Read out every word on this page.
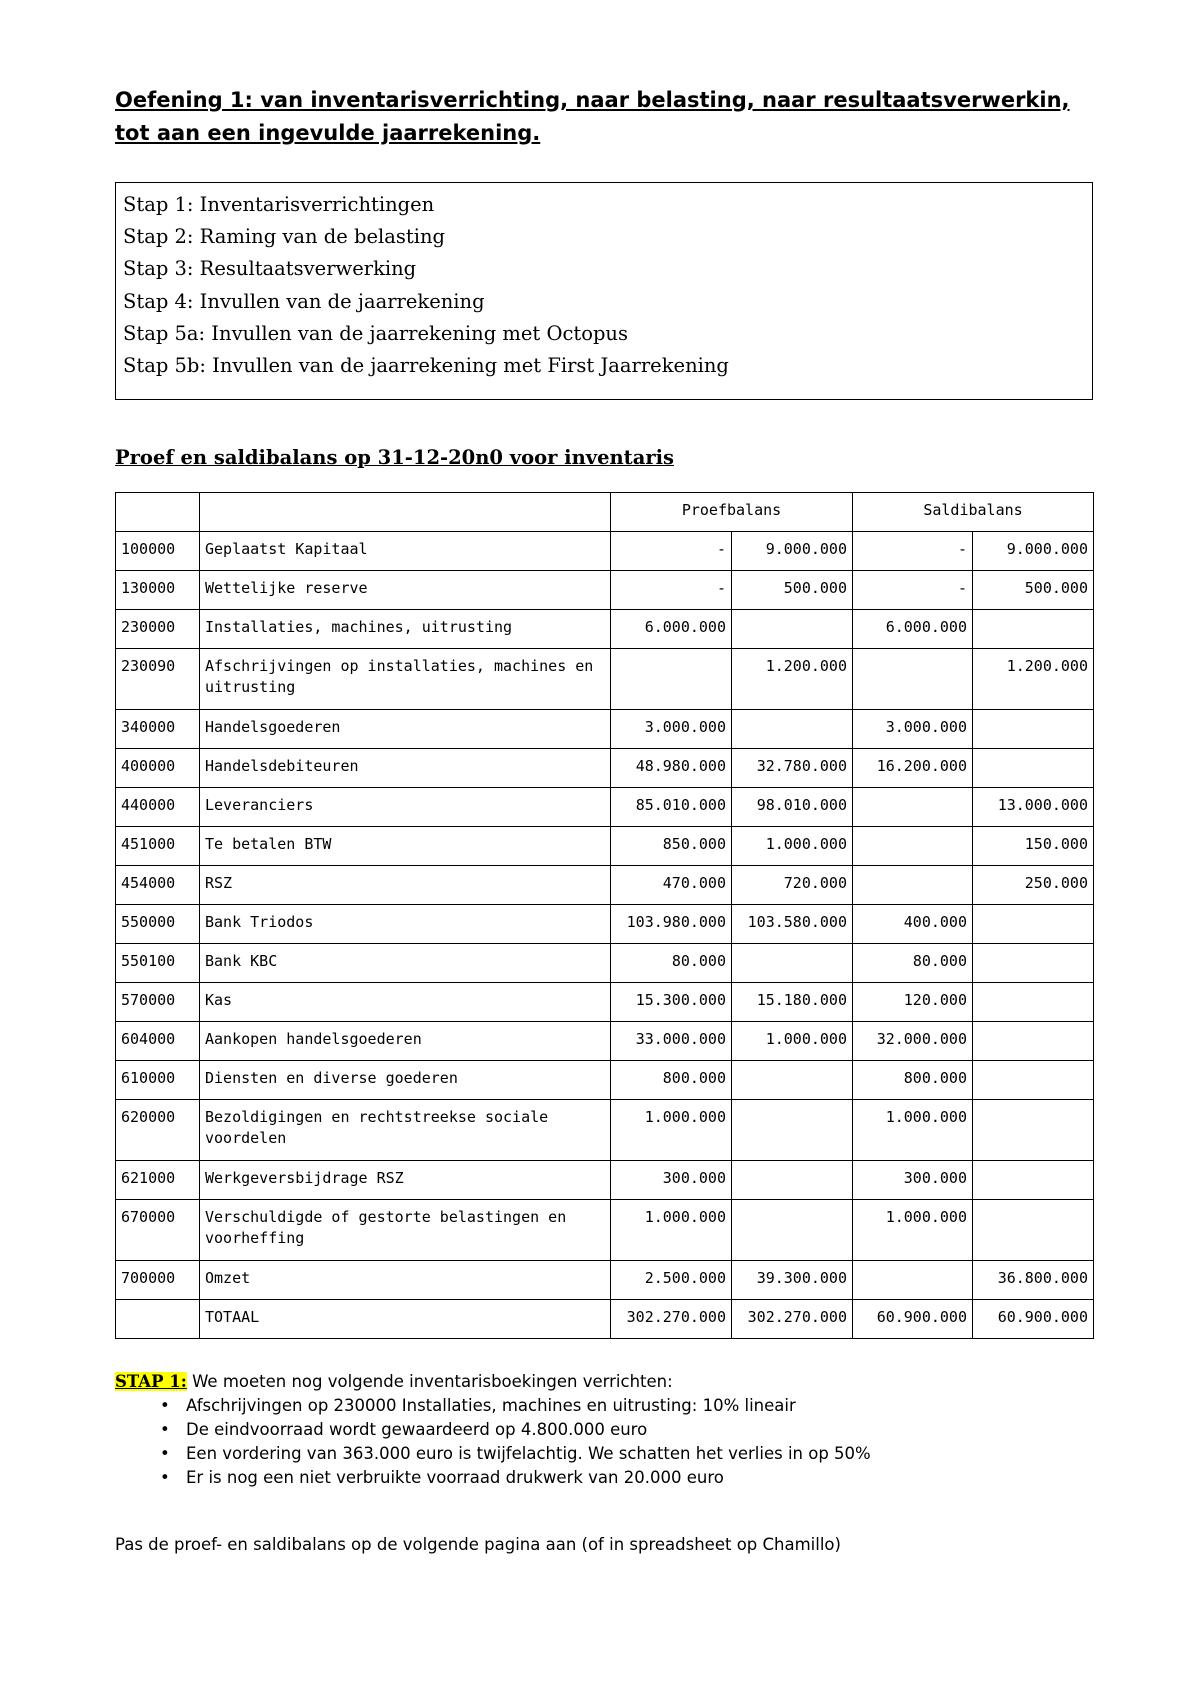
Oefening 1: van inventarisverrichting, naar belasting, naar resultaatsverwerkin,
tot aan een ingevulde jaarrekening.
Stap 1: Inventarisverrichtingen
Stap 2: Raming van de belasting
Stap 3: Resultaatsverwerking
Stap 4: Invullen van de jaarrekening
Stap 5a: Invullen van de jaarrekening met Octopus
Stap 5b: Invullen van de jaarrekening met First Jaarrekening
Proef en saldibalans op 31-12-20n0 voor inventaris
		Proefbalans		Saldibalans	
100000	Geplaatst Kapitaal	-	9.000.000	-	9.000.000
130000	Wettelijke reserve	-	500.000	-	500.000
230000	Installaties, machines, uitrusting	6.000.000		6.000.000	
230090	Afschrijvingen op installaties, machines en uitrusting		1.200.000		1.200.000
340000	Handelsgoederen	3.000.000		3.000.000	
400000	Handelsdebiteuren	48.980.000	32.780.000	16.200.000	
440000	Leveranciers	85.010.000	98.010.000		13.000.000
451000	Te betalen BTW	850.000	1.000.000		150.000
454000	RSZ	470.000	720.000		250.000
550000	Bank Triodos	103.980.000	103.580.000	400.000	
550100	Bank KBC	80.000		80.000	
570000	Kas	15.300.000	15.180.000	120.000	
604000	Aankopen handelsgoederen	33.000.000	1.000.000	32.000.000	
610000	Diensten en diverse goederen	800.000		800.000	
620000	Bezoldigingen en rechtstreekse sociale voordelen	1.000.000		1.000.000	
621000	Werkgeversbijdrage RSZ	300.000		300.000	
670000	Verschuldigde of gestorte belastingen en voorheffing	1.000.000		1.000.000	
700000	Omzet	2.500.000	39.300.000		36.800.000
	TOTAAL	302.270.000	302.270.000	60.900.000	60.900.000
STAP 1: We moeten nog volgende inventarisboekingen verrichten:
• Afschrijvingen op 230000 Installaties, machines en uitrusting: 10% lineair
• De eindvoorraad wordt gewaardeerd op 4.800.000 euro
• Een vordering van 363.000 euro is twijfelachtig. We schatten het verlies in op 50%
• Er is nog een niet verbruikte voorraad drukwerk van 20.000 euro
Pas de proef- en saldibalans op de volgende pagina aan (of in spreadsheet op Chamillo)
